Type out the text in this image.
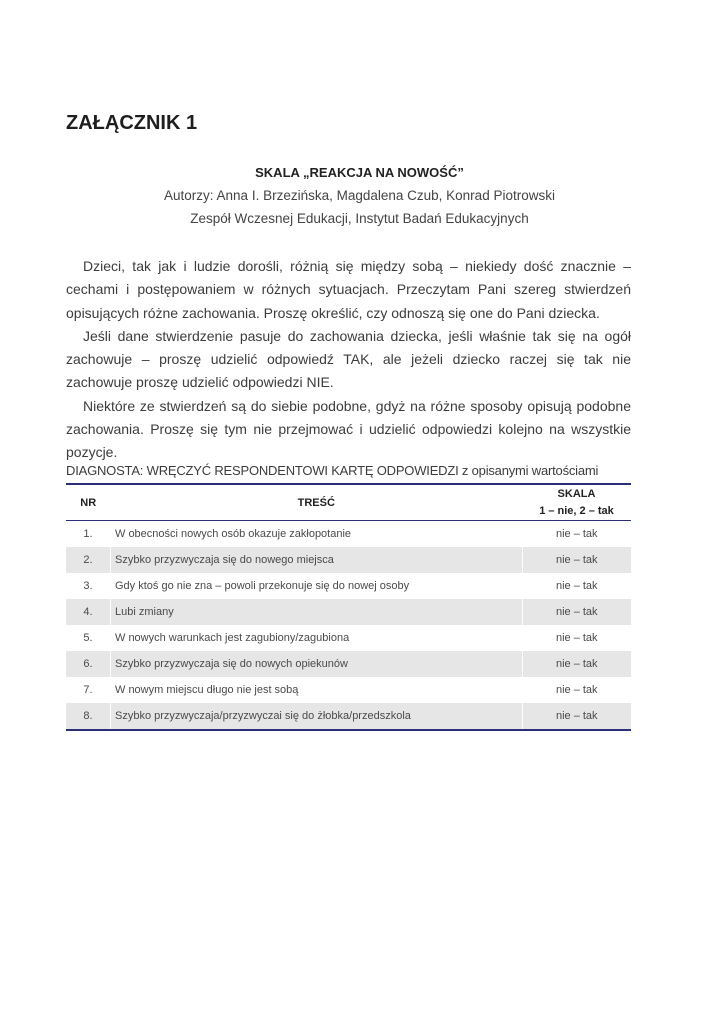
ZAŁĄCZNIK 1
SKALA „REAKCJA NA NOWOŚĆ”

Autorzy: Anna I. Brzezińska, Magdalena Czub, Konrad Piotrowski

Zespół Wczesnej Edukacji, Instytut Badań Edukacyjnych

Dzieci, tak jak i ludzie dorośli, różnią się między sobą – niekiedy dość znacznie – cechami i postępowaniem w różnych sytuacjach. Przeczytam Pani szereg stwierdzeń opisujących różne zachowania. Proszę określić, czy odnoszą się one do Pani dziecka.

Jeśli dane stwierdzenie pasuje do zachowania dziecka, jeśli właśnie tak się na ogół zachowuje – proszę udzielić odpowiedź TAK, ale jeżeli dziecko raczej się tak nie zachowuje proszę udzielić odpowiedzi NIE.

Niektóre ze stwierdzeń są do siebie podobne, gdyż na różne sposoby opisują podobne zachowania. Proszę się tym nie przejmować i udzielić odpowiedzi kolejno na wszystkie pozycje.

DIAGNOSTA: WRĘCZYĆ RESPONDENTOWI KARTĘ ODPOWIEDZI z opisanymi wartościami

NR	TREŚĆ	SKALA
1 – nie, 2 – tak
1.	W obecności nowych osób okazuje zakłopotanie	nie – tak
2.	Szybko przyzwyczaja się do nowego miejsca	nie – tak
3.	Gdy ktoś go nie zna – powoli przekonuje się do nowej osoby	nie – tak
4.	Lubi zmiany	nie – tak
5.	W nowych warunkach jest zagubiony/zagubiona	nie – tak
6.	Szybko przyzwyczaja się do nowych opiekunów	nie – tak
7.	W nowym miejscu długo nie jest sobą	nie – tak
8.	Szybko przyzwyczaja/przyzwyczai się do żłobka/przedszkola	nie – tak
